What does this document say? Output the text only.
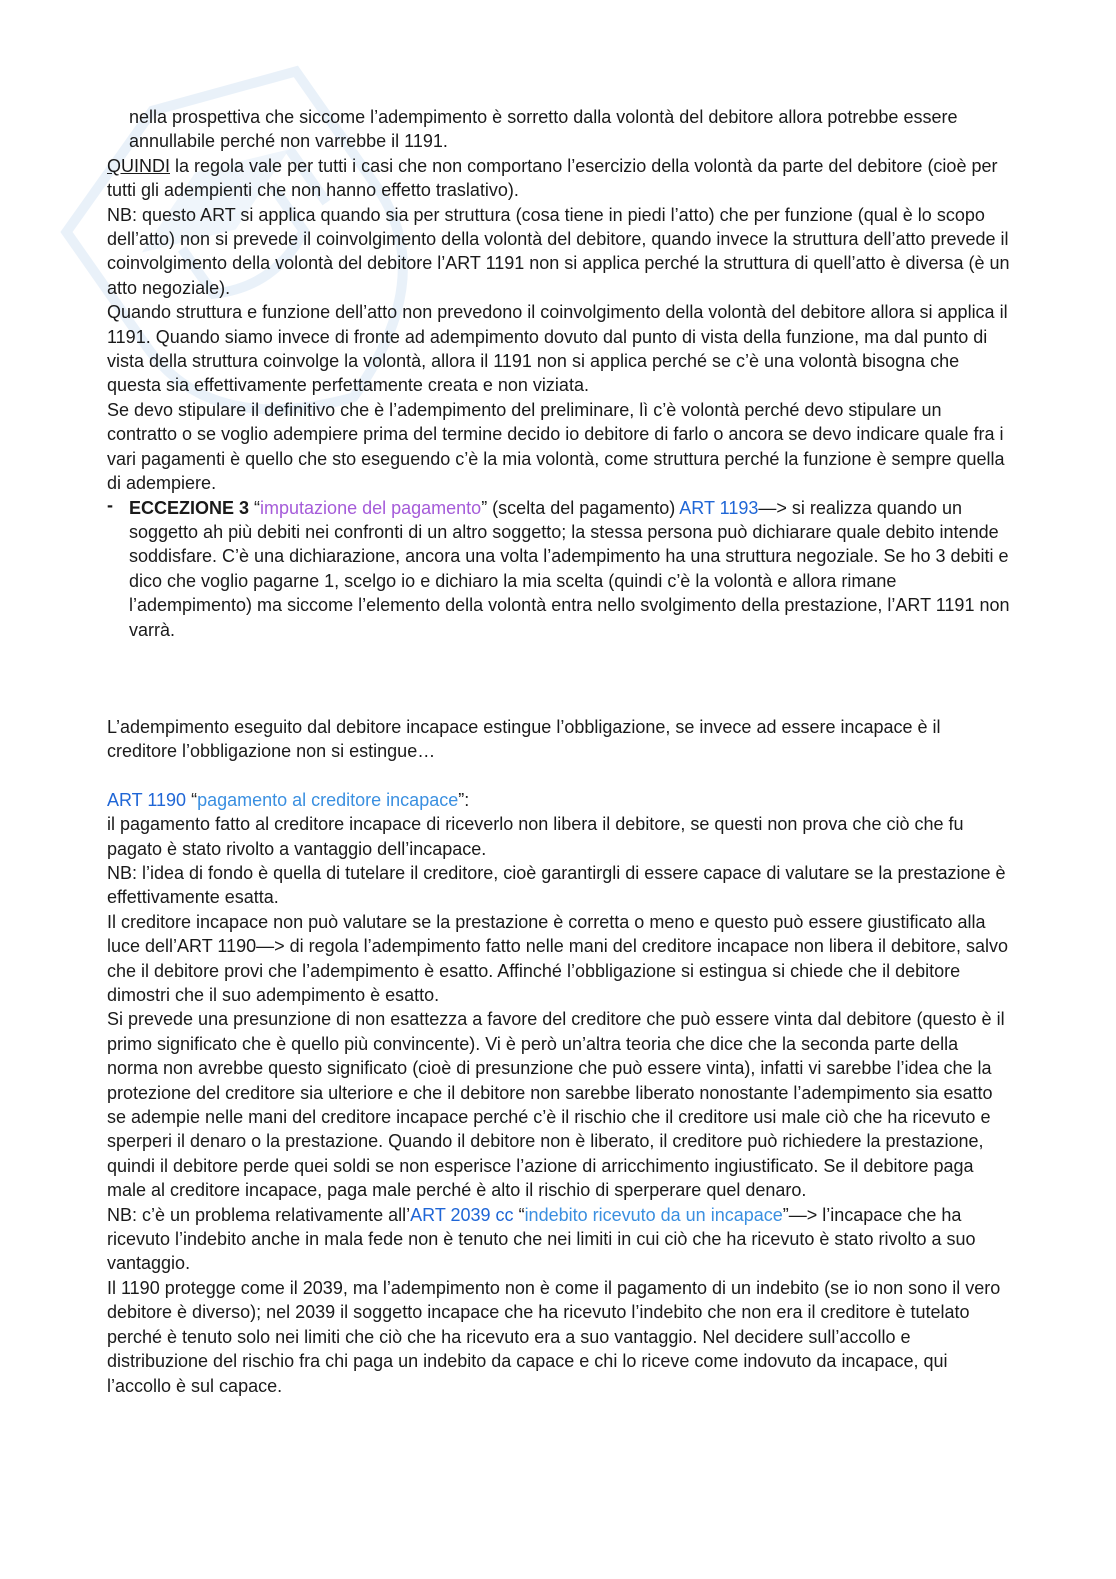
nella prospettiva che siccome l’adempimento è sorretto dalla volontà del debitore allora potrebbe essere annullabile perché non varrebbe il 1191.

QUINDI la regola vale per tutti i casi che non comportano l’esercizio della volontà da parte del debitore (cioè per tutti gli adempienti che non hanno effetto traslativo).

NB: questo ART si applica quando sia per struttura (cosa tiene in piedi l’atto) che per funzione (qual è lo scopo dell’atto) non si prevede il coinvolgimento della volontà del debitore, quando invece la struttura dell’atto prevede il coinvolgimento della volontà del debitore l’ART 1191 non si applica perché la struttura di quell’atto è diversa (è un atto negoziale).

Quando struttura e funzione dell’atto non prevedono il coinvolgimento della volontà del debitore allora si applica il 1191. Quando siamo invece di fronte ad adempimento dovuto dal punto di vista della funzione, ma dal punto di vista della struttura coinvolge la volontà, allora il 1191 non si applica perché se c’è una volontà bisogna che questa sia effettivamente perfettamente creata e non viziata.

Se devo stipulare il definitivo che è l’adempimento del preliminare, lì c’è volontà perché devo stipulare un contratto o se voglio adempiere prima del termine decido io debitore di farlo o ancora se devo indicare quale fra i vari pagamenti è quello che sto eseguendo c’è la mia volontà, come struttura perché la funzione è sempre quella di adempiere.

- ECCEZIONE 3 “imputazione del pagamento” (scelta del pagamento) ART 1193—> si realizza quando un soggetto ah più debiti nei confronti di un altro soggetto; la stessa persona può dichiarare quale debito intende soddisfare. C’è una dichiarazione, ancora una volta l’adempimento ha una struttura negoziale. Se ho 3 debiti e dico che voglio pagarne 1, scelgo io e dichiaro la mia scelta (quindi c’è la volontà e allora rimane l’adempimento) ma siccome l’elemento della volontà entra nello svolgimento della prestazione, l’ART 1191 non varrà.

L’adempimento eseguito dal debitore incapace estingue l’obbligazione, se invece ad essere incapace è il creditore l’obbligazione non si estingue…

ART 1190 “pagamento al creditore incapace”:

il pagamento fatto al creditore incapace di riceverlo non libera il debitore, se questi non prova che ciò che fu pagato è stato rivolto a vantaggio dell’incapace.

NB: l’idea di fondo è quella di tutelare il creditore, cioè garantirgli di essere capace di valutare se la prestazione è effettivamente esatta.

Il creditore incapace non può valutare se la prestazione è corretta o meno e questo può essere giustificato alla luce dell’ART 1190—> di regola l’adempimento fatto nelle mani del creditore incapace non libera il debitore, salvo che il debitore provi che l’adempimento è esatto. Affinché l’obbligazione si estingua si chiede che il debitore dimostri che il suo adempimento è esatto.

Si prevede una presunzione di non esattezza a favore del creditore che può essere vinta dal debitore (questo è il primo significato che è quello più convincente). Vi è però un’altra teoria che dice che la seconda parte della norma non avrebbe questo significato (cioè di presunzione che può essere vinta), infatti vi sarebbe l’idea che la protezione del creditore sia ulteriore e che il debitore non sarebbe liberato nonostante l’adempimento sia esatto se adempie nelle mani del creditore incapace perché c’è il rischio che il creditore usi male ciò che ha ricevuto e sperperi il denaro o la prestazione. Quando il debitore non è liberato, il creditore può richiedere la prestazione, quindi il debitore perde quei soldi se non esperisce l’azione di arricchimento ingiustificato. Se il debitore paga male al creditore incapace, paga male perché è alto il rischio di sperperare quel denaro.

NB: c’è un problema relativamente all’ART 2039 cc “indebito ricevuto da un incapace”—> l’incapace che ha ricevuto l’indebito anche in mala fede non è tenuto che nei limiti in cui ciò che ha ricevuto è stato rivolto a suo vantaggio.

Il 1190 protegge come il 2039, ma l’adempimento non è come il pagamento di un indebito (se io non sono il vero debitore è diverso); nel 2039 il soggetto incapace che ha ricevuto l’indebito che non era il creditore è tutelato perché è tenuto solo nei limiti che ciò che ha ricevuto era a suo vantaggio. Nel decidere sull’accollo e distribuzione del rischio fra chi paga un indebito da capace e chi lo riceve come indovuto da incapace, qui l’accollo è sul capace.
